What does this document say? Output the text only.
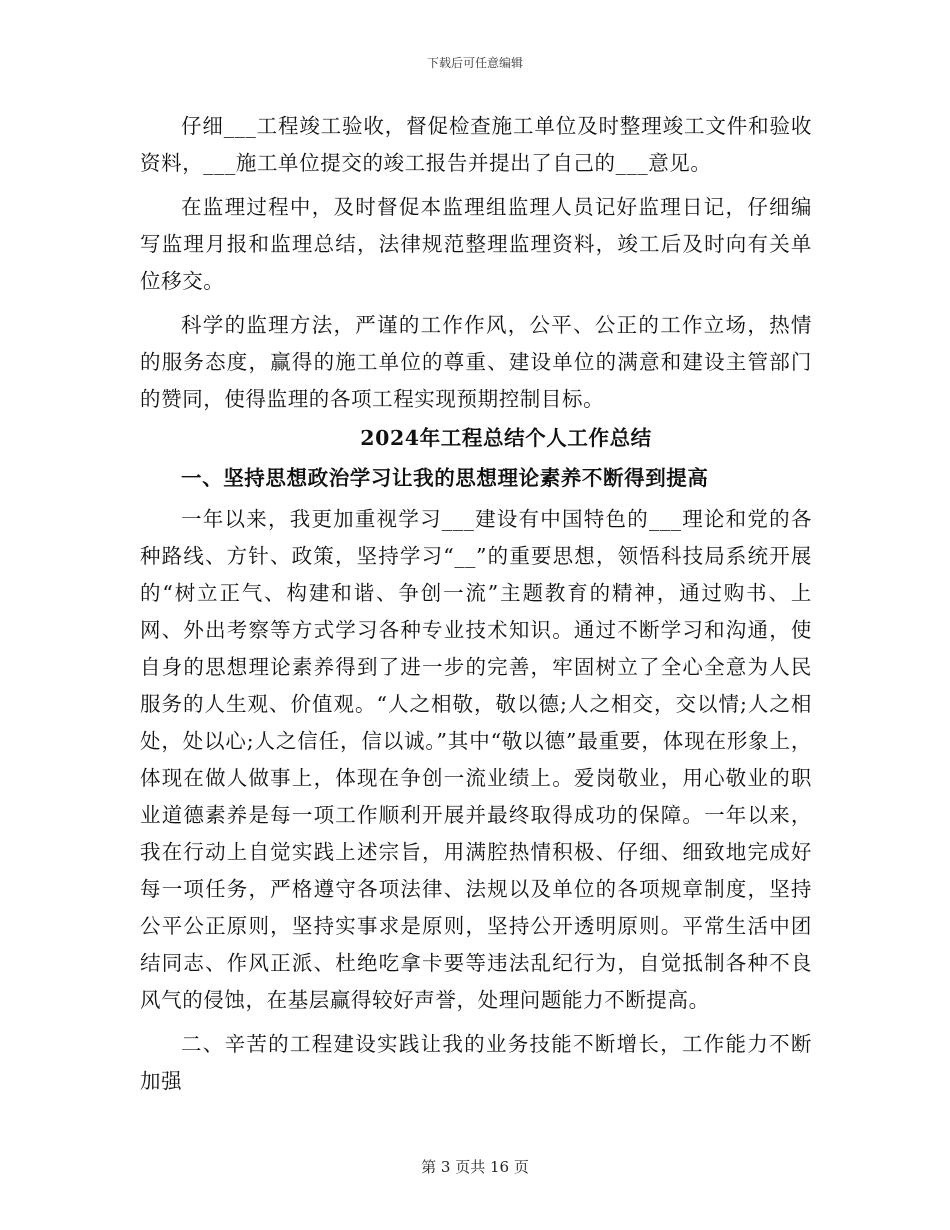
下载后可任意编辑

仔细___工程竣工验收，督促检查施工单位及时整理竣工文件和验收资料，___施工单位提交的竣工报告并提出了自己的___意见。

在监理过程中，及时督促本监理组监理人员记好监理日记，仔细编写监理月报和监理总结，法律规范整理监理资料，竣工后及时向有关单位移交。

科学的监理方法，严谨的工作作风，公平、公正的工作立场，热情的服务态度，赢得的施工单位的尊重、建设单位的满意和建设主管部门的赞同，使得监理的各项工程实现预期控制目标。

2024年工程总结个人工作总结
一、坚持思想政治学习让我的思想理论素养不断得到提高

一年以来，我更加重视学习___建设有中国特色的___理论和党的各种路线、方针、政策，坚持学习“__”的重要思想，领悟科技局系统开展的“树立正气、构建和谐、争创一流”主题教育的精神，通过购书、上网、外出考察等方式学习各种专业技术知识。通过不断学习和沟通，使自身的思想理论素养得到了进一步的完善，牢固树立了全心全意为人民服务的人生观、价值观。“人之相敬，敬以德;人之相交，交以情;人之相处，处以心;人之信任，信以诚。”其中“敬以德”最重要，体现在形象上，体现在做人做事上，体现在争创一流业绩上。爱岗敬业，用心敬业的职业道德素养是每一项工作顺利开展并最终取得成功的保障。一年以来，我在行动上自觉实践上述宗旨，用满腔热情积极、仔细、细致地完成好每一项任务，严格遵守各项法律、法规以及单位的各项规章制度，坚持公平公正原则，坚持实事求是原则，坚持公开透明原则。平常生活中团结同志、作风正派、杜绝吃拿卡要等违法乱纪行为，自觉抵制各种不良风气的侵蚀，在基层赢得较好声誉，处理问题能力不断提高。

二、辛苦的工程建设实践让我的业务技能不断增长，工作能力不断加强

第 3 页共 16 页
